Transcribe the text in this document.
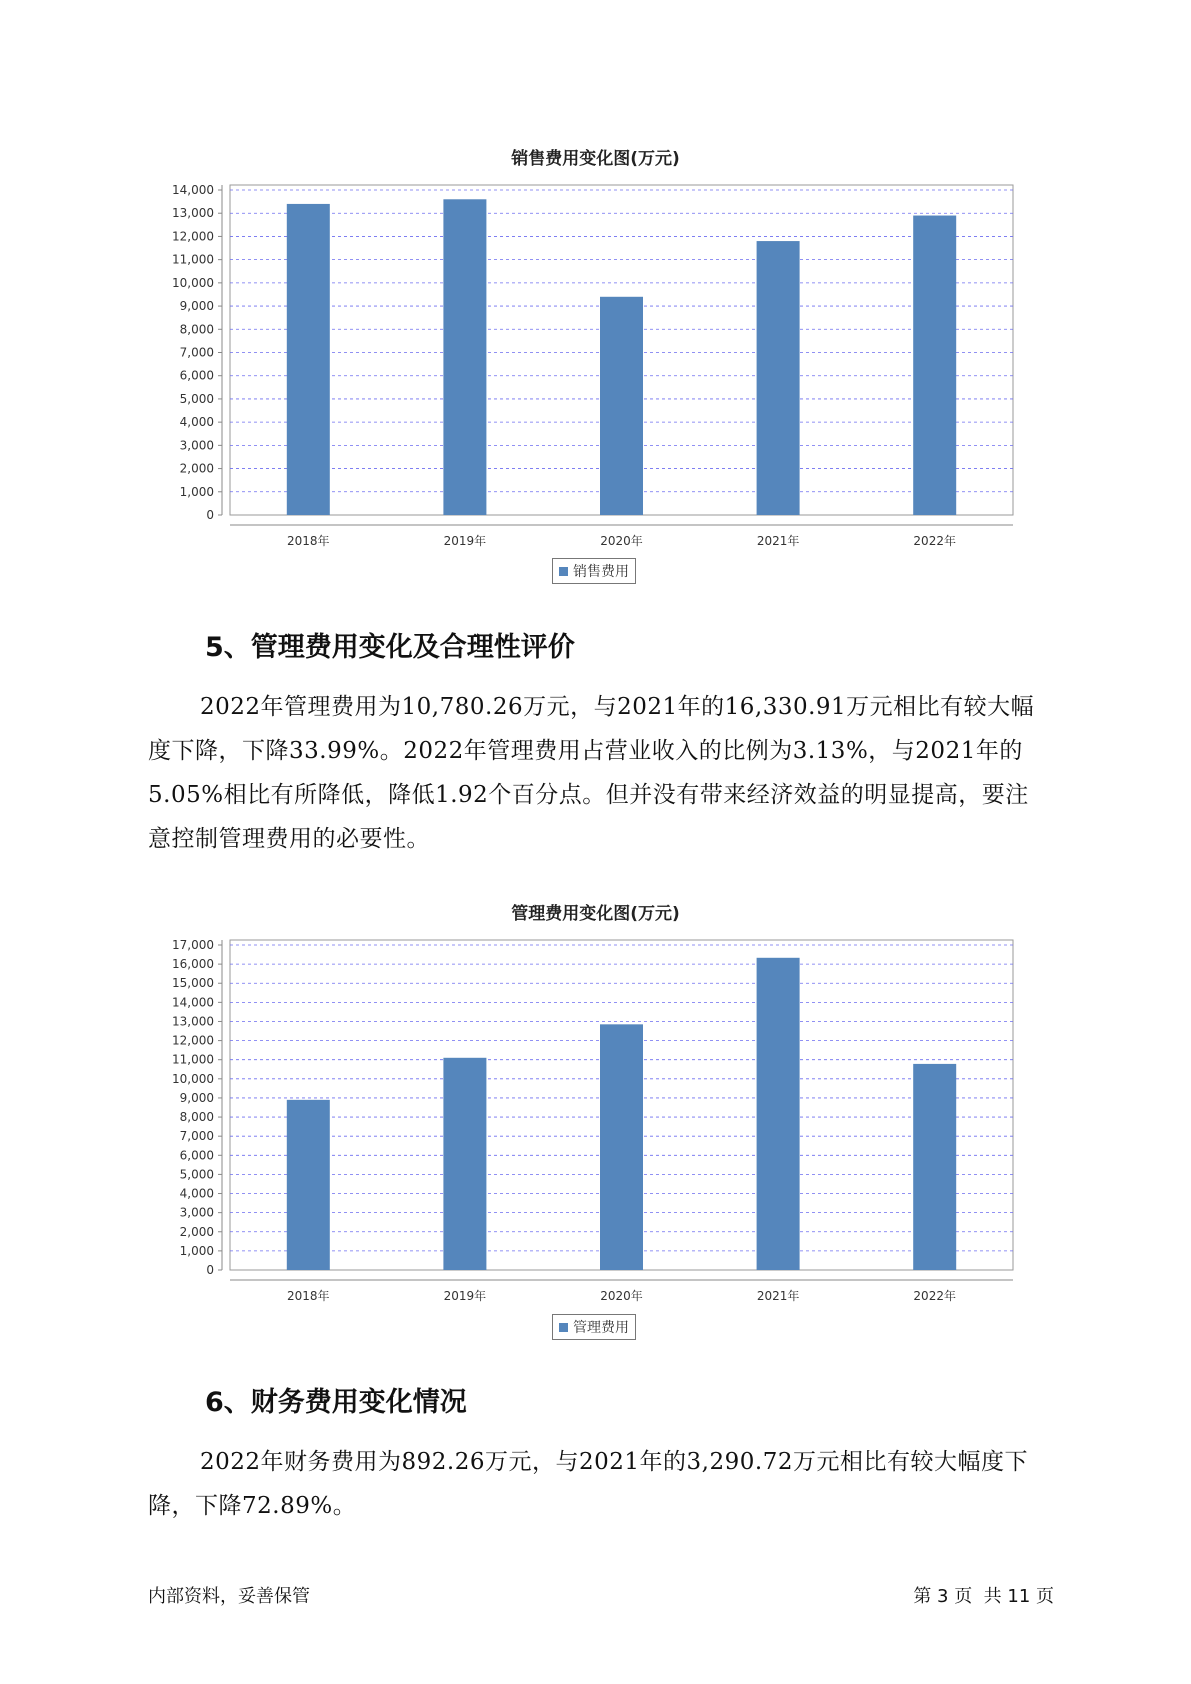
销售费用变化图(万元)
0
1,000
2,000
3,000
4,000
5,000
6,000
7,000
8,000
9,000
10,000
11,000
12,000
13,000
14,000
2018年	2019年	2020年	2021年	2022年
销售费用
5、管理费用变化及合理性评价

2022年管理费用为10,780.26万元，与2021年的16,330.91万元相比有较大幅度下降，下降33.99%。2022年管理费用占营业收入的比例为3.13%，与2021年的5.05%相比有所降低，降低1.92个百分点。但并没有带来经济效益的明显提高，要注意控制管理费用的必要性。

管理费用变化图(万元)
0
1,000
2,000
3,000
4,000
5,000
6,000
7,000
8,000
9,000
10,000
11,000
12,000
13,000
14,000
15,000
16,000
17,000
2018年	2019年	2020年	2021年	2022年
管理费用
6、财务费用变化情况

2022年财务费用为892.26万元，与2021年的3,290.72万元相比有较大幅度下降，下降72.89%。

内部资料，妥善保管	第 3 页  共 11 页
